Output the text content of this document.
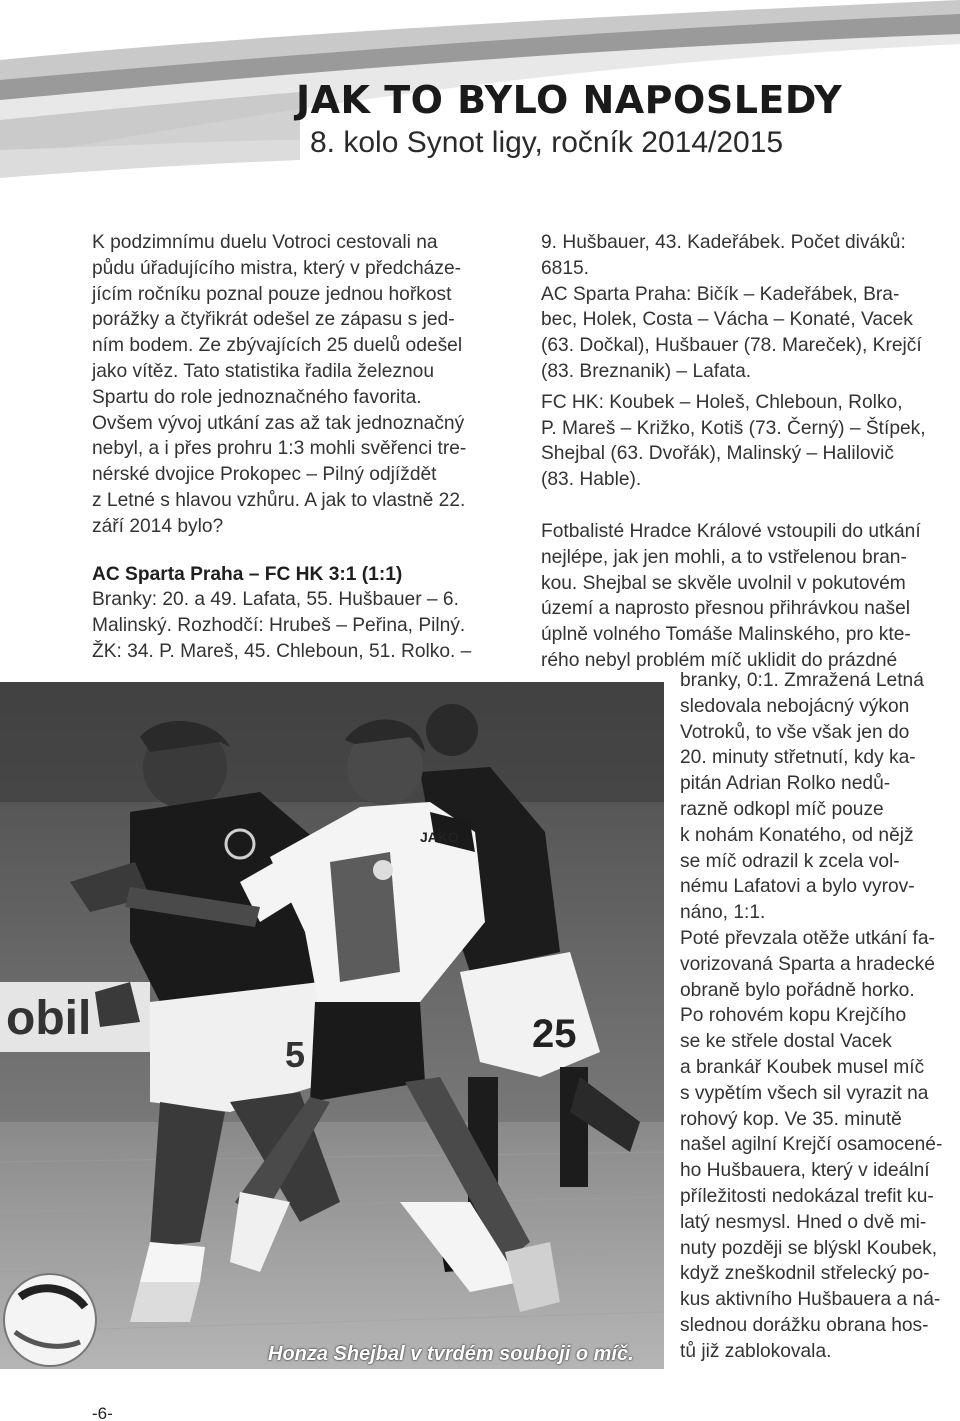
JAK TO BYLO NAPOSLEDY
8. kolo Synot ligy, ročník 2014/2015

K podzimnímu duelu Votroci cestovali na

půdu úřadujícího mistra, který v předcháze-

jícím ročníku poznal pouze jednou hořkost

porážky a čtyřikrát odešel ze zápasu s jed-

ním bodem. Ze zbývajících 25 duelů odešel

jako vítěz. Tato statistika řadila železnou

Spartu do role jednoznačného favorita.

Ovšem vývoj utkání zas až tak jednoznačný

nebyl, a i přes prohru 1:3 mohli svěřenci tre-

nérské dvojice Prokopec – Pilný odjíždět

z Letné s hlavou vzhůru. A jak to vlastně 22.

září 2014 bylo?

AC Sparta Praha – FC HK 3:1 (1:1)

Branky: 20. a 49. Lafata, 55. Hušbauer – 6.

Malinský. Rozhodčí: Hrubeš – Peřina, Pilný.

ŽK: 34. P. Mareš, 45. Chleboun, 51. Rolko. –

9. Hušbauer, 43. Kadeřábek. Počet diváků:

6815.

AC Sparta Praha: Bičík – Kadeřábek, Bra-

bec, Holek, Costa – Vácha – Konaté, Vacek

(63. Dočkal), Hušbauer (78. Mareček), Krejčí

(83. Breznanik) – Lafata.

FC HK: Koubek – Holeš, Chleboun, Rolko,

P. Mareš – Križko, Kotiš (73. Černý) – Štípek,

Shejbal (63. Dvořák), Malinský – Halilovič

(83. Hable).

Fotbalisté Hradce Králové vstoupili do utkání

nejlépe, jak jen mohli, a to vstřelenou bran-

kou. Shejbal se skvěle uvolnil v pokutovém

území a naprosto přesnou přihrávkou našel

úplně volného Tomáše Malinského, pro kte-

rého nebyl problém míč uklidit do prázdné

branky, 0:1. Zmražená Letná

sledovala nebojácný výkon

Votroků, to vše však jen do

20. minuty střetnutí, kdy ka-

pitán Adrian Rolko nedů-

razně odkopl míč pouze

k nohám Konatého, od nějž

se míč odrazil k zcela vol-

nému Lafatovi a bylo vyrov-

náno, 1:1.

Poté převzala otěže utkání fa-

vorizovaná Sparta a hradecké

obraně bylo pořádně horko.

Po rohovém kopu Krejčího

se ke střele dostal Vacek

a brankář Koubek musel míč

s vypětím všech sil vyrazit na

rohový kop. Ve 35. minutě

našel agilní Krejčí osamocené-

ho Hušbauera, který v ideální

příležitosti nedokázal trefit ku-

latý nesmysl. Hned o dvě mi-

nuty později se blýskl Koubek,

když zneškodnil střelecký po-

kus aktivního Hušbauera a ná-

slednou dorážku obrana hos-

tů již zablokovala.

obil	25
5
JAKO
Honza Shejbal v tvrdém souboji o míč.
-6-
